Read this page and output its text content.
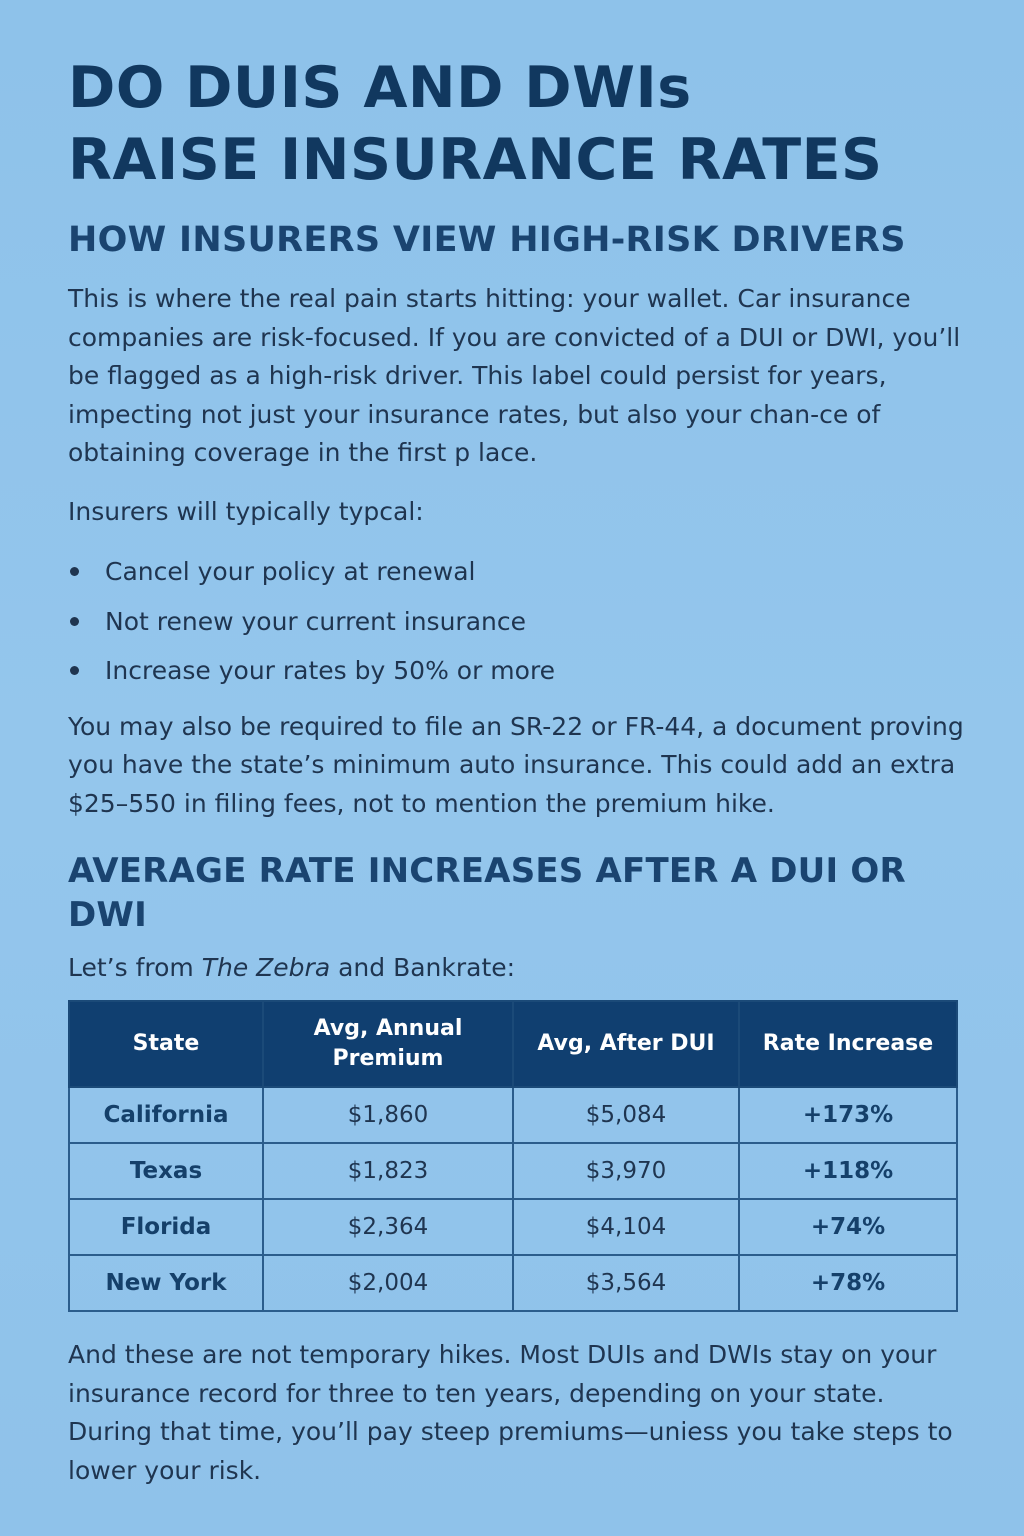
DO DUIS AND DWIs
RAISE INSURANCE RATES
HOW INSURERS VIEW HIGH-RISK DRIVERS

This is where the real pain starts hitting: your wallet. Car insurance companies are risk-focused. If you are convicted of a DUI or DWI, you’ll be flagged as a high-risk driver. This label could persist for years, impecting not just your insurance rates, but also your chan-ce of obtaining coverage in the first p lace.

Insurers will typically typcal:

Cancel your policy at renewal
Not renew your current insurance
Increase your rates by 50% or more

You may also be required to file an SR-22 or FR-44, a document proving you have the state’s minimum auto insurance. This could add an extra $25–550 in filing fees, not to mention the premium hike.

AVERAGE RATE INCREASES AFTER A DUI OR DWI

Let’s from The Zebra and Bankrate:

State	Avg, Annual Premium	Avg, After DUI	Rate Increase
California	$1,860	$5,084	+173%
Texas	$1,823	$3,970	+118%
Florida	$2,364	$4,104	+74%
New York	$2,004	$3,564	+78%

And these are not temporary hikes. Most DUIs and DWIs stay on your insurance record for three to ten years, depending on your state. During that time, you’ll pay steep premiums—uniess you take steps to lower your risk.
